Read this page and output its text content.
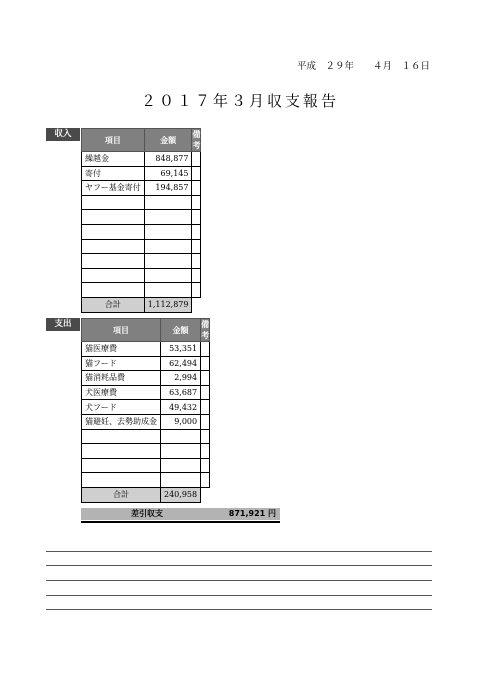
平成　２９年　　４月　１６日
２０１７年３月収支報告
収入
項目	金額	備考
繰越金	848,877	
寄付	69,145	
ヤフー基金寄付	194,857	

合計	1,112,879	
支出
項目	金額	備考
猫医療費	53,351	
猫フード	62,494	
猫消耗品費	2,994	
犬医療費	63,687	
犬フード	49,432	
猫避妊、去勢助成金	9,000	

合計	240,958	
差引収支	871,921 円
